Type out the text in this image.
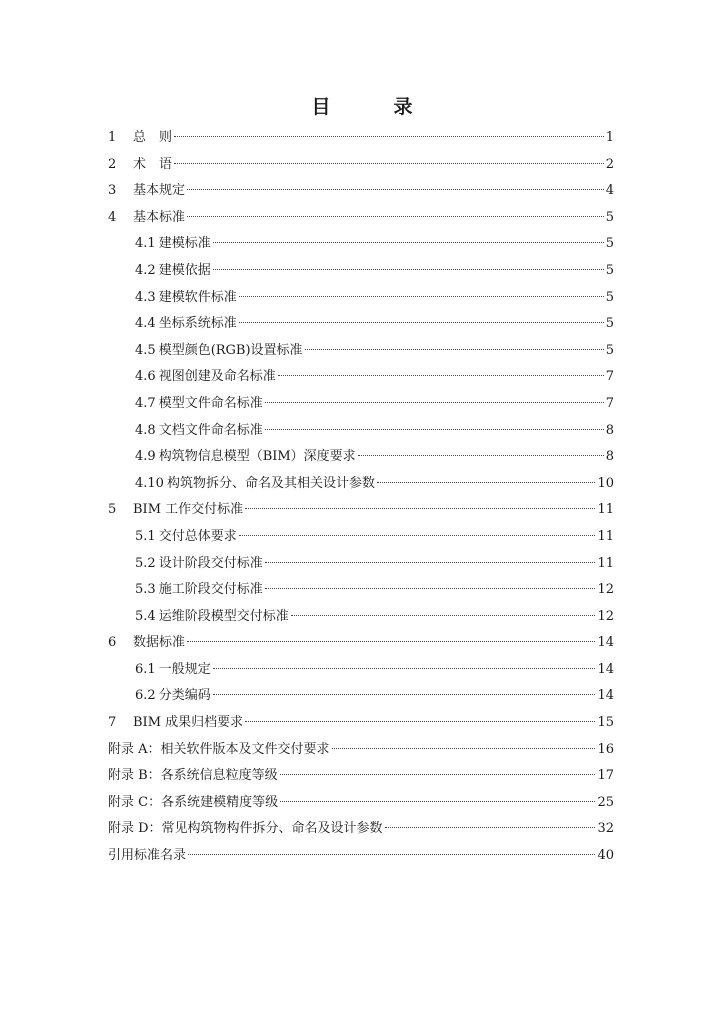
目　录
1	总　则	1
2	术　语	2
3	基本规定	4
4	基本标准	5
4.1 建模标准	5
4.2 建模依据	5
4.3 建模软件标准	5
4.4 坐标系统标准	5
4.5 模型颜色(RGB)设置标准	5
4.6 视图创建及命名标准	7
4.7 模型文件命名标准	7
4.8 文档文件命名标准	8
4.9 构筑物信息模型（BIM）深度要求	8
4.10 构筑物拆分、命名及其相关设计参数	10
5	BIM 工作交付标准	11
5.1 交付总体要求	11
5.2 设计阶段交付标准	11
5.3 施工阶段交付标准	12
5.4 运维阶段模型交付标准	12
6	数据标准	14
6.1 一般规定	14
6.2 分类编码	14
7	BIM 成果归档要求	15
附录 A：相关软件版本及文件交付要求	16
附录 B：各系统信息粒度等级	17
附录 C：各系统建模精度等级	25
附录 D：常见构筑物构件拆分、命名及设计参数	32
引用标准名录	40
